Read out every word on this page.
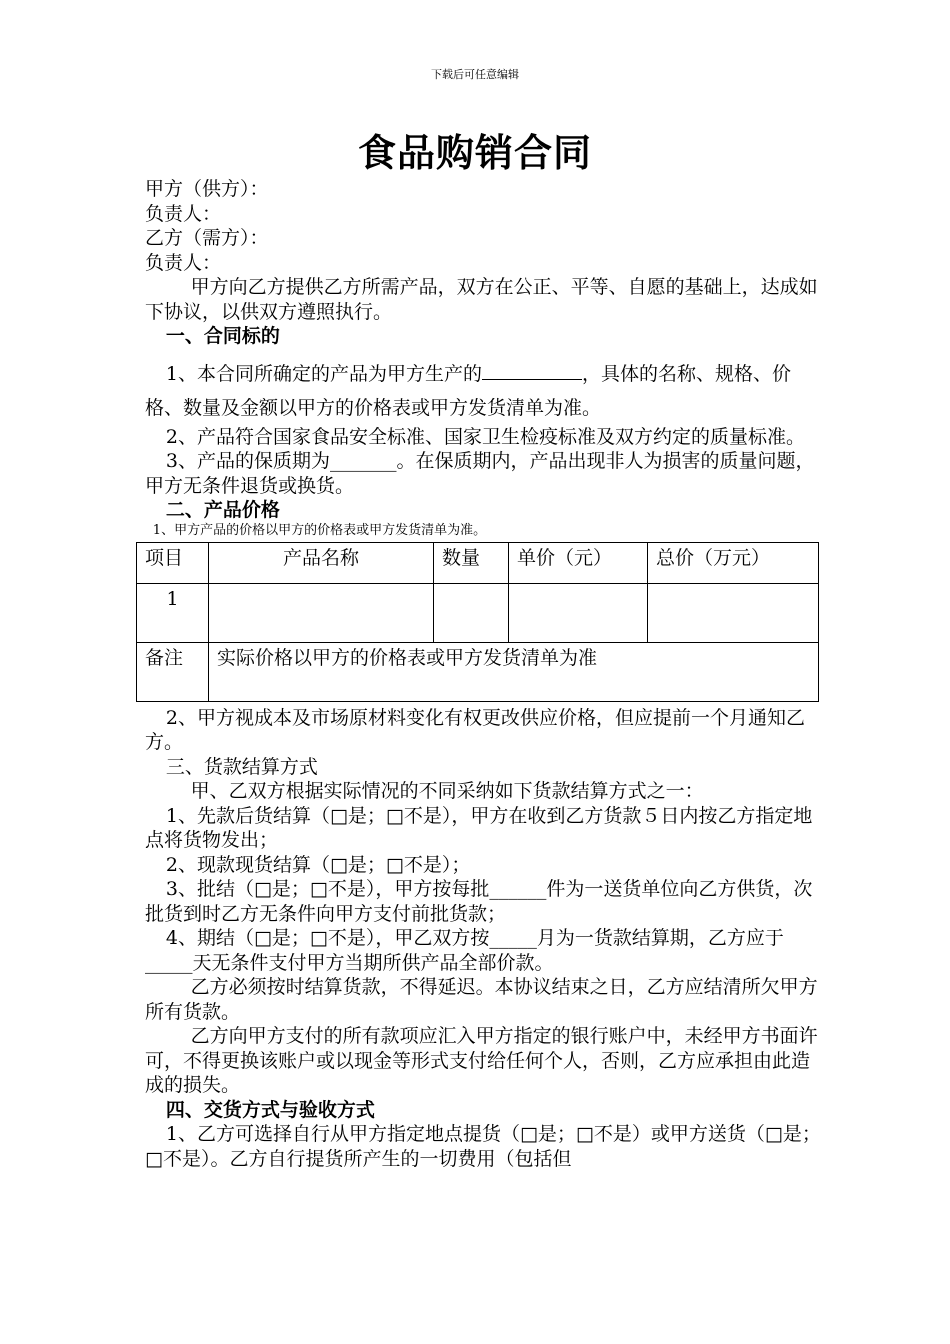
下载后可任意编辑
食品购销合同

甲方（供方）：

负责人：

乙方（需方）：

负责人：

甲方向乙方提供乙方所需产品，双方在公正、平等、自愿的基础上，达成如下协议，以供双方遵照执行。

一、合同标的

1、本合同所确定的产品为甲方生产的	，具体的名称、规格、价格、数量及金额以甲方的价格表或甲方发货清单为准。

2、产品符合国家食品安全标准、国家卫生检疫标准及双方约定的质量标准。

3、产品的保质期为_______。在保质期内，产品出现非人为损害的质量问题，甲方无条件退货或换货。

二、产品价格

1、甲方产品的价格以甲方的价格表或甲方发货清单为准。

项目	产品名称	数量	单价（元）	总价（万元）
1				
备注	实际价格以甲方的价格表或甲方发货清单为准			

2、甲方视成本及市场原材料变化有权更改供应价格，但应提前一个月通知乙方。

三、货款结算方式

甲、乙双方根据实际情况的不同采纳如下货款结算方式之一：

1、先款后货结算（□是；□不是），甲方在收到乙方货款５日内按乙方指定地点将货物发出；

2、现款现货结算（□是；□不是）；

3、批结（□是；□不是），甲方按每批______件为一送货单位向乙方供货，次批货到时乙方无条件向甲方支付前批货款；

4、期结（□是；□不是），甲乙双方按_____月为一货款结算期，乙方应于_____天无条件支付甲方当期所供产品全部价款。

乙方必须按时结算货款，不得延迟。本协议结束之日，乙方应结清所欠甲方所有货款。

乙方向甲方支付的所有款项应汇入甲方指定的银行账户中，未经甲方书面许可，不得更换该账户或以现金等形式支付给任何个人，否则，乙方应承担由此造成的损失。

四、交货方式与验收方式

1、乙方可选择自行从甲方指定地点提货（□是；□不是）或甲方送货（□是；□不是）。乙方自行提货所产生的一切费用（包括但
